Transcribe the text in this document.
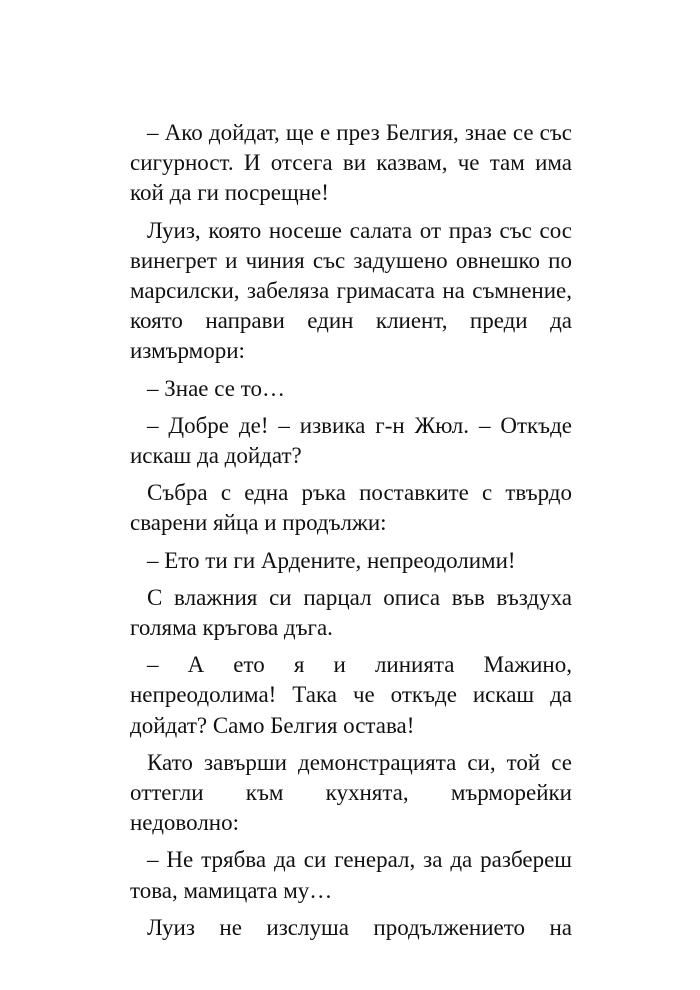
– Ако дойдат, ще е през Белгия, знае се със сигурност. И отсега ви казвам, че там има кой да ги посрещне!

Луиз, която носеше салата от праз със сос винегрет и чиния със задушено овнешко по марсилски, забеляза гримасата на съмнение, която направи един клиент, преди да измърмори:

– Знае се то…

– Добре де! – извика г-н Жюл. – Откъде искаш да дойдат?

Събра с една ръка поставките с твърдо сварени яйца и продължи:

– Ето ти ги Ардените, непреодолими!

С влажния си парцал описа във въздуха голяма кръгова дъга.

– А ето я и линията Мажино, непреодолима! Така че откъде искаш да дойдат? Само Белгия остава!

Като завърши демонстрацията си, той се оттегли към кухнята, мърморейки недоволно:

– Не трябва да си генерал, за да разбереш това, мамицата му…

Луиз не изслуша продължението на
